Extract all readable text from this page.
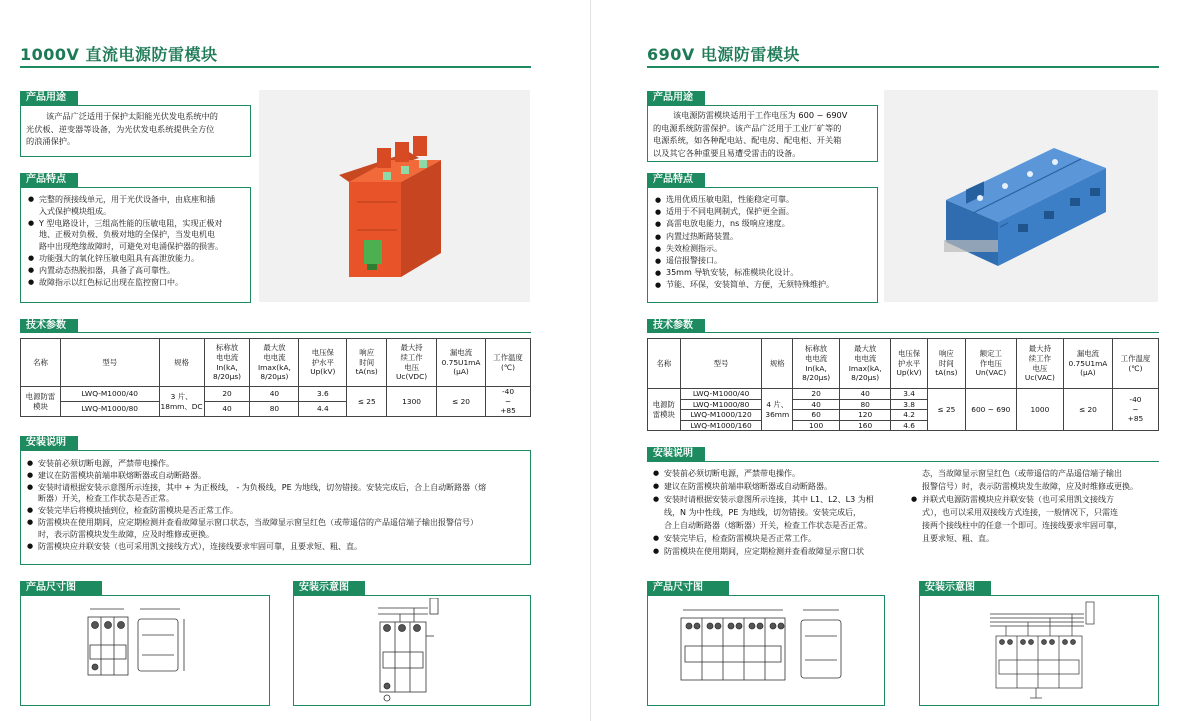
1000V 直流电源防雷模块
产品用途
该产品广泛适用于保护太阳能光伏发电系统中的
光伏板、逆变器等设备，为光伏发电系统提供全方位
的浪涌保护。
产品特点
● 完整的预接线单元，用于光伏设备中，由底座和插
入式保护模块组成。
● Y 型电路设计，三组高性能的压敏电阻，实现正极对
地、正极对负极、负极对地的全保护，当发电机电
路中出现绝缘故障时，可避免对电涌保护器的损害。
● 功能强大的氧化锌压敏电阻具有高泄放能力。
● 内置动态热脱扣器，具备了高可靠性。
● 故障指示以红色标记出现在监控窗口中。
技术参数
名称	型号	规格	标称放
电电流
In(kA,
8/20μs)	最大放
电电流
Imax(kA,
8/20μs)	电压保
护水平
Up(kV)	响应
时间
tA(ns)	最大持
续工作
电压
Uc(VDC)	漏电流
0.75U1mA
(μA)	工作温度
(℃)
电源防雷
模块	LWQ-M1000/40	3 片、
18mm、DC	20	40	3.6	≤ 25	1300	≤ 20	-40
~
+85
	LWQ-M1000/80		40	80	4.4				
安装说明
● 安装前必须切断电源，严禁带电操作。
● 建议在防雷模块前端串联熔断器或自动断路器。
● 安装时请根据安装示意图所示连接，其中 + 为正极线， - 为负极线，PE 为地线，切勿错接。安装完成后，合上自动断路器（熔
断器）开关，检查工作状态是否正常。
● 安装完毕后将模块插到位，检查防雷模块是否正常工作。
● 防雷模块在使用期间，应定期检测并查看故障显示窗口状态，当故障显示窗呈红色（或带遥信的产品遥信端子输出报警信号）
时，表示防雷模块发生故障，应及时维修或更换。
● 防雷模块应并联安装（也可采用凯文接线方式），连接线要求牢固可靠，且要求短、粗、直。
产品尺寸图	安装示意图
690V 电源防雷模块
产品用途
该电源防雷模块适用于工作电压为 600 ~ 690V
的电源系统防雷保护。该产品广泛用于工业厂矿等的
电源系统，如各种配电站、配电房、配电柜、开关箱
以及其它各种重要且易遭受雷击的设备。
产品特点
● 选用优质压敏电阻，性能稳定可靠。
● 适用于不同电网制式，保护更全面。
● 高雷电放电能力，ns 级响应速度。
● 内置过热断路装置。
● 失效检测指示。
● 遥信报警接口。
● 35mm 导轨安装，标准模块化设计。
● 节能、环保，安装简单、方便，无须特殊维护。
技术参数
名称	型号	规格	标称放
电电流
In(kA,
8/20μs)	最大放
电电流
Imax(kA,
8/20μs)	电压保
护水平
Up(kV)	响应
时间
tA(ns)	额定工
作电压
Un(VAC)	最大持
续工作
电压
Uc(VAC)	漏电流
0.75U1mA
(μA)	工作温度
(℃)
电源防
雷模块	LWQ-M1000/40	4 片、
36mm	20	40	3.4	≤ 25	600 ~ 690	1000	≤ 20	-40
~
+85
	LWQ-M1000/80		40	80	3.8					
	LWQ-M1000/120		60	120	4.2					
	LWQ-M1000/160		100	160	4.6					
安装说明
● 安装前必须切断电源，严禁带电操作。
● 建议在防雷模块前端串联熔断器或自动断路器。
● 安装时请根据安装示意图所示连接，其中 L1、L2、L3 为相
线，N 为中性线，PE 为地线，切勿错接。安装完成后，
合上自动断路器（熔断器）开关，检查工作状态是否正常。
● 安装完毕后，检查防雷模块是否正常工作。
● 防雷模块在使用期间，应定期检测并查看故障显示窗口状
态，当故障显示窗呈红色（或带遥信的产品遥信端子输出
报警信号）时，表示防雷模块发生故障，应及时维修或更换。
● 并联式电源防雷模块应并联安装（也可采用凯文接线方
式），也可以采用双接线方式连接，一般情况下，只需连
接两个接线柱中的任意一个即可。连接线要求牢固可靠，
且要求短、粗、直。
产品尺寸图	安装示意图
